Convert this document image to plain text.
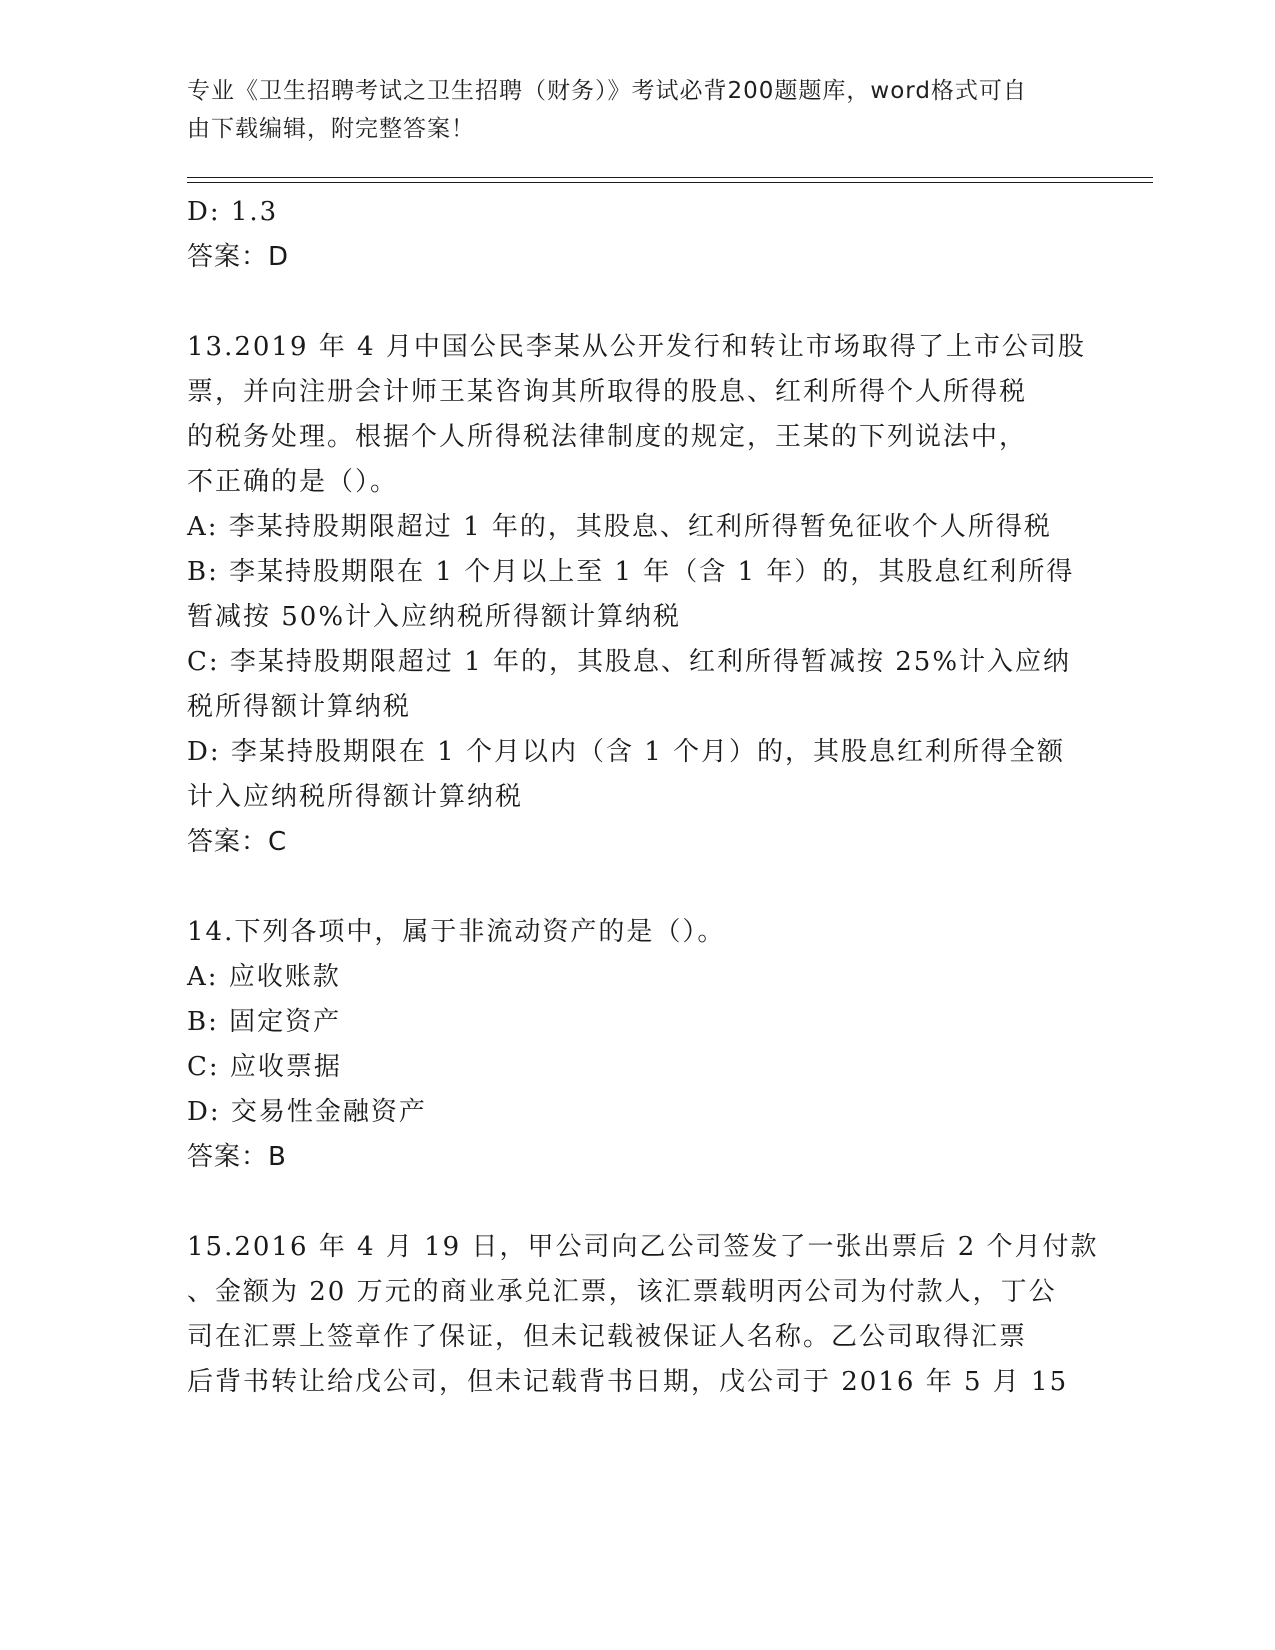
专业《卫生招聘考试之卫生招聘（财务）》考试必背200题题库，word格式可自
由下载编辑，附完整答案！
D: 1.3
答案：D
13.2019 年 4 月中国公民李某从公开发行和转让市场取得了上市公司股
票，并向注册会计师王某咨询其所取得的股息、红利所得个人所得税
的税务处理。根据个人所得税法律制度的规定，王某的下列说法中，
不正确的是（）。
A: 李某持股期限超过 1 年的，其股息、红利所得暂免征收个人所得税
B: 李某持股期限在 1 个月以上至 1 年（含 1 年）的，其股息红利所得
暂减按 50%计入应纳税所得额计算纳税
C: 李某持股期限超过 1 年的，其股息、红利所得暂减按 25%计入应纳
税所得额计算纳税
D: 李某持股期限在 1 个月以内（含 1 个月）的，其股息红利所得全额
计入应纳税所得额计算纳税
答案：C
14.下列各项中，属于非流动资产的是（）。
A: 应收账款
B: 固定资产
C: 应收票据
D: 交易性金融资产
答案：B
15.2016 年 4 月 19 日，甲公司向乙公司签发了一张出票后 2 个月付款
、金额为 20 万元的商业承兑汇票，该汇票载明丙公司为付款人，丁公
司在汇票上签章作了保证，但未记载被保证人名称。乙公司取得汇票
后背书转让给戊公司，但未记载背书日期，戊公司于 2016 年 5 月 15
